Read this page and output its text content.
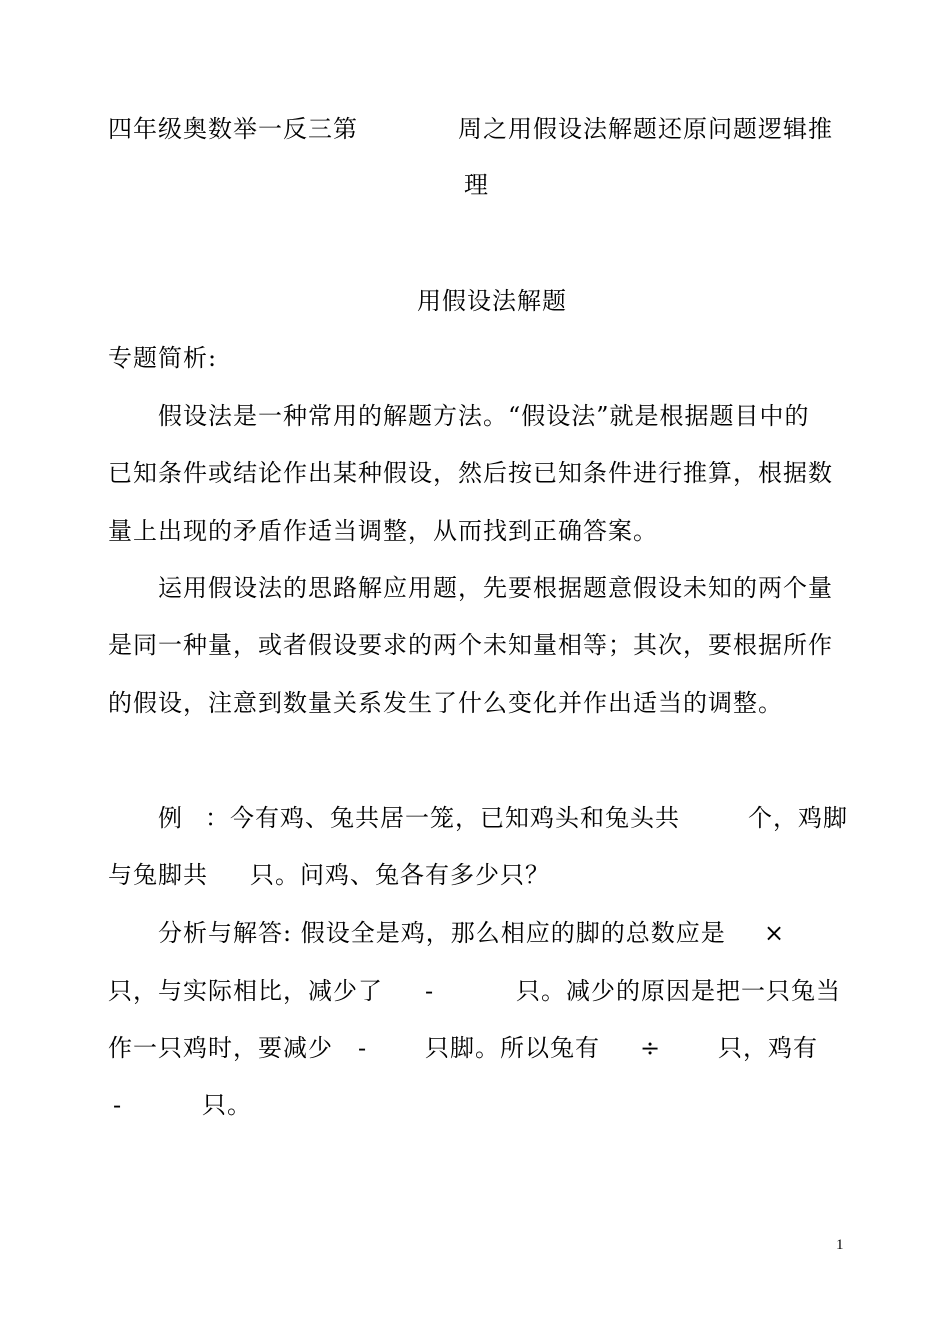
四年级奥数举一反三第	周之用假设法解题还原问题逻辑推
理
用假设法解题
专题简析:
假设法是一种常用的解题方法。“假设法”就是根据题目中的
已知条件或结论作出某种假设，然后按已知条件进行推算，根据数
量上出现的矛盾作适当调整，从而找到正确答案。
运用假设法的思路解应用题，先要根据题意假设未知的两个量
是同一种量，或者假设要求的两个未知量相等；其次，要根据所作
的假设，注意到数量关系发生了什么变化并作出适当的调整。
例 ：今有鸡、兔共居一笼，已知鸡头和兔头共	个，鸡脚
与兔脚共 只。问鸡、兔各有多少只？
分析与解答: 假设全是鸡，那么相应的脚的总数应是 ×
只，与实际相比，减少了 -	只。减少的原因是把一只兔当
作一只鸡时，要减少 - 只脚。所以兔有 ÷ 只，鸡有
-	只。
1
